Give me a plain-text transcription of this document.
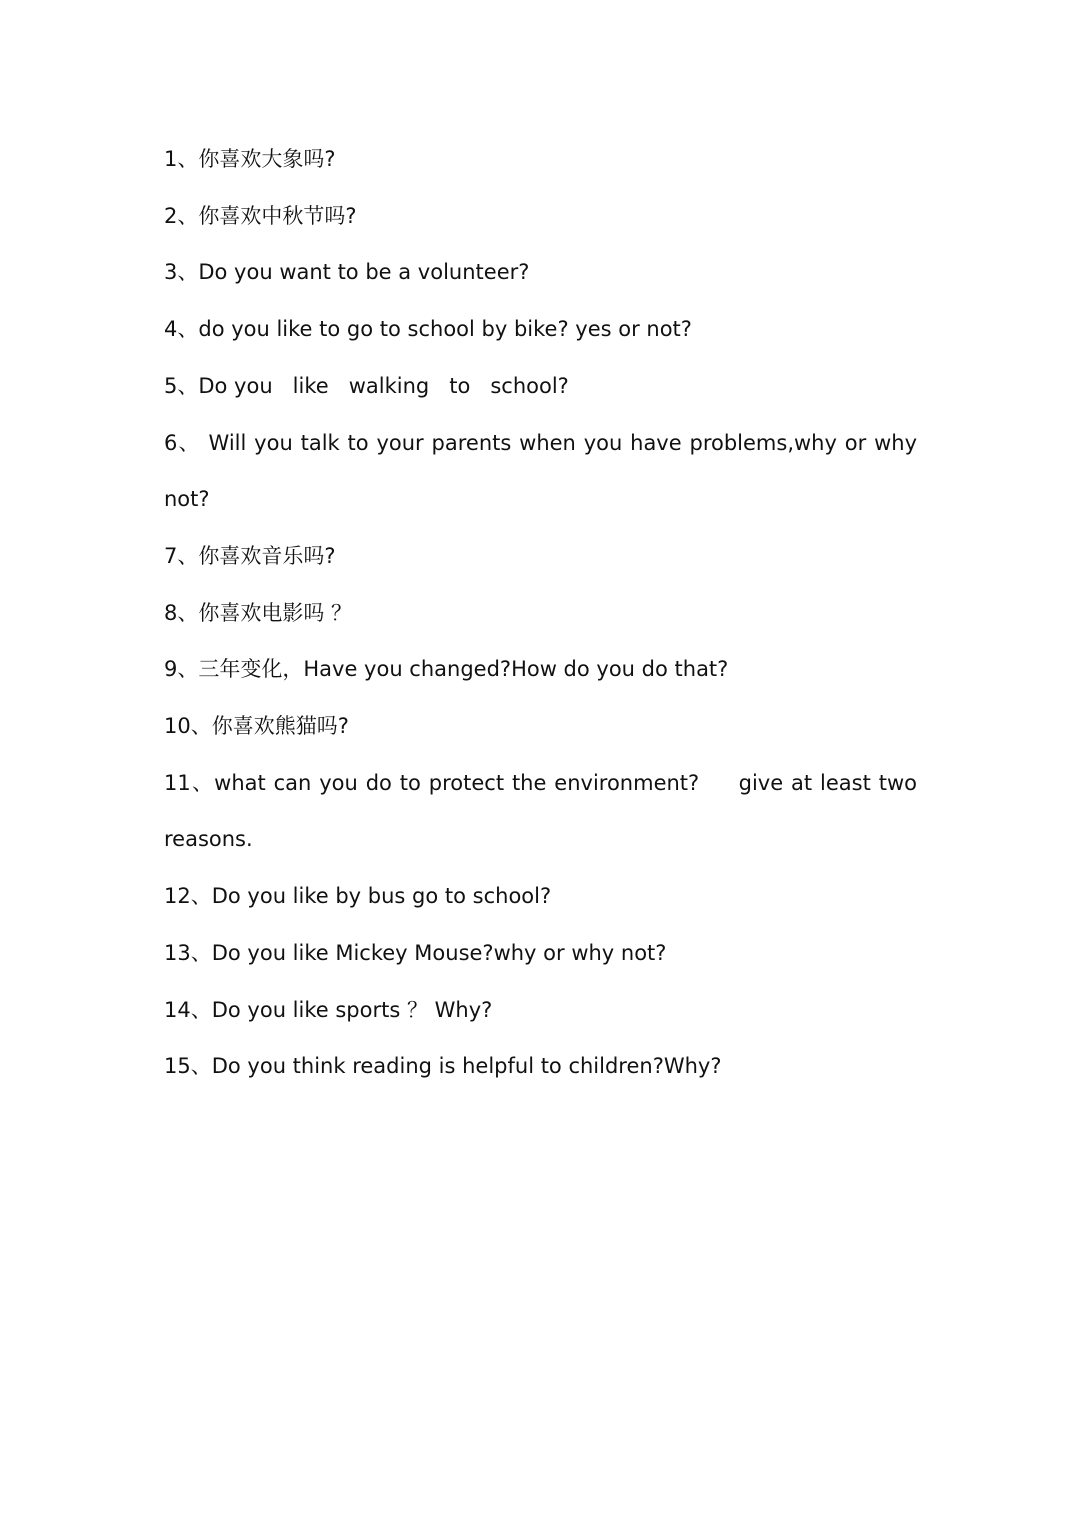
1、你喜欢大象吗?

2、你喜欢中秋节吗?

3、Do you want to be a volunteer?

4、do you like to go to school by bike? yes or not?

5、Do you   like   walking   to   school?

6、 Will you talk to your parents when you have problems,why or why not?

7、你喜欢音乐吗?

8、你喜欢电影吗 ？

9、三年变化，Have you changed?How do you do that?

10、你喜欢熊猫吗?

11、what can you do to protect the environment?     give at least two reasons.

12、Do you like by bus go to school?

13、Do you like Mickey Mouse?why or why not?

14、Do you like sports ？ Why?

15、Do you think reading is helpful to children?Why?
